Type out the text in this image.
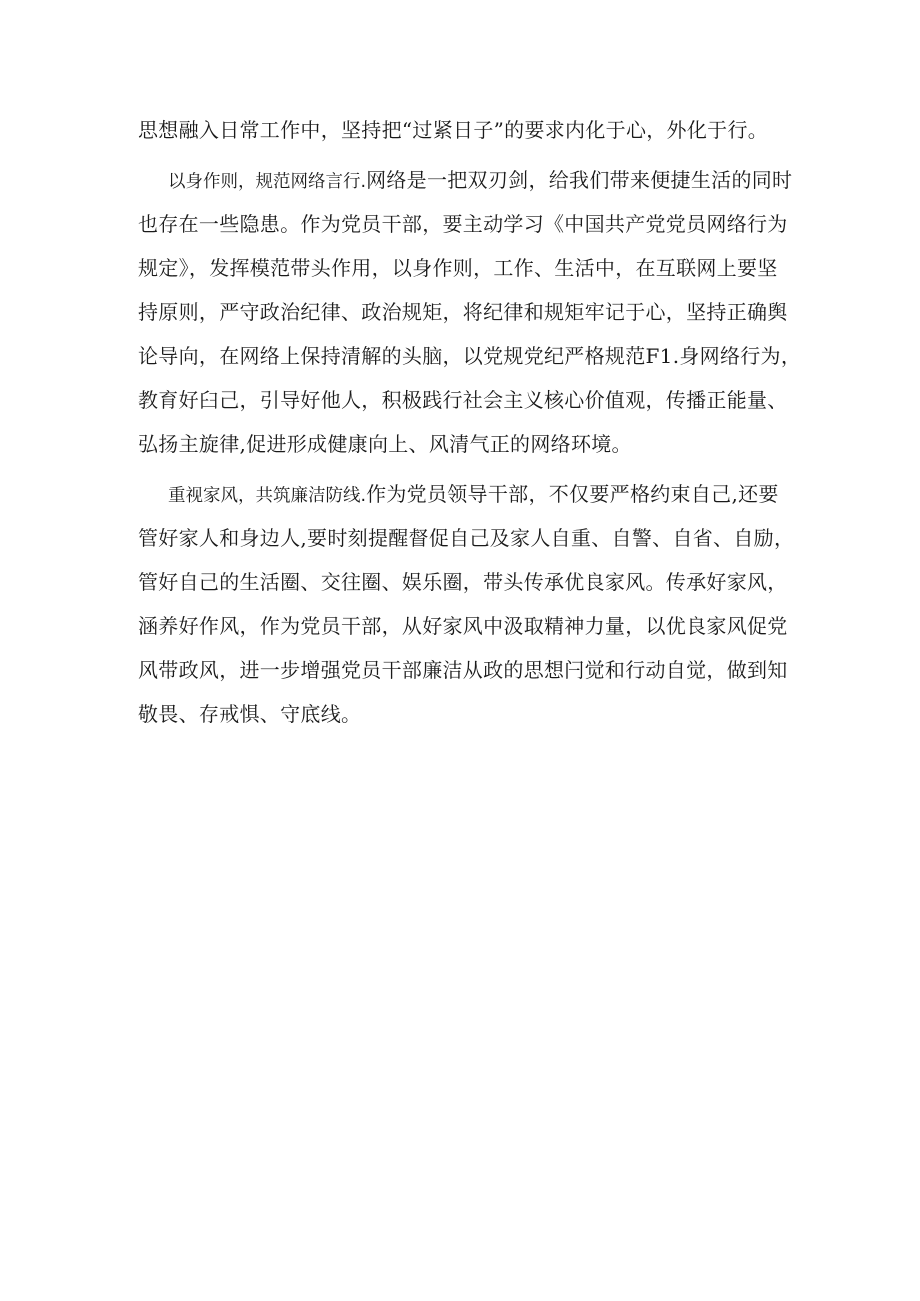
思想融入日常工作中，坚持把“过紧日子”的要求内化于心，外化于行。
以身作则，规范网络言行.网络是一把双刃剑，给我们带来便捷生活的同时
也存在一些隐患。作为党员干部，要主动学习《中国共产党党员网络行为
规定》，发挥模范带头作用，以身作则，工作、生活中，在互联网上要坚
持原则，严守政治纪律、政治规矩，将纪律和规矩牢记于心，坚持正确舆
论导向，在网络上保持清解的头脑，以党规党纪严格规范F1.身网络行为，
教育好臼己，引导好他人，积极践行社会主义核心价值观，传播正能量、
弘扬主旋律,促进形成健康向上、风清气正的网络环境。
重视家风，共筑廉洁防线.作为党员领导干部，不仅要严格约束自己,还要
管好家人和身边人,要时刻提醒督促自己及家人自重、自警、自省、自励，
管好自己的生活圈、交往圈、娱乐圈，带头传承优良家风。传承好家风，
涵养好作风，作为党员干部，从好家风中汲取精神力量，以优良家风促党
风带政风，进一步增强党员干部廉洁从政的思想闩觉和行动自觉，做到知
敬畏、存戒惧、守底线。
